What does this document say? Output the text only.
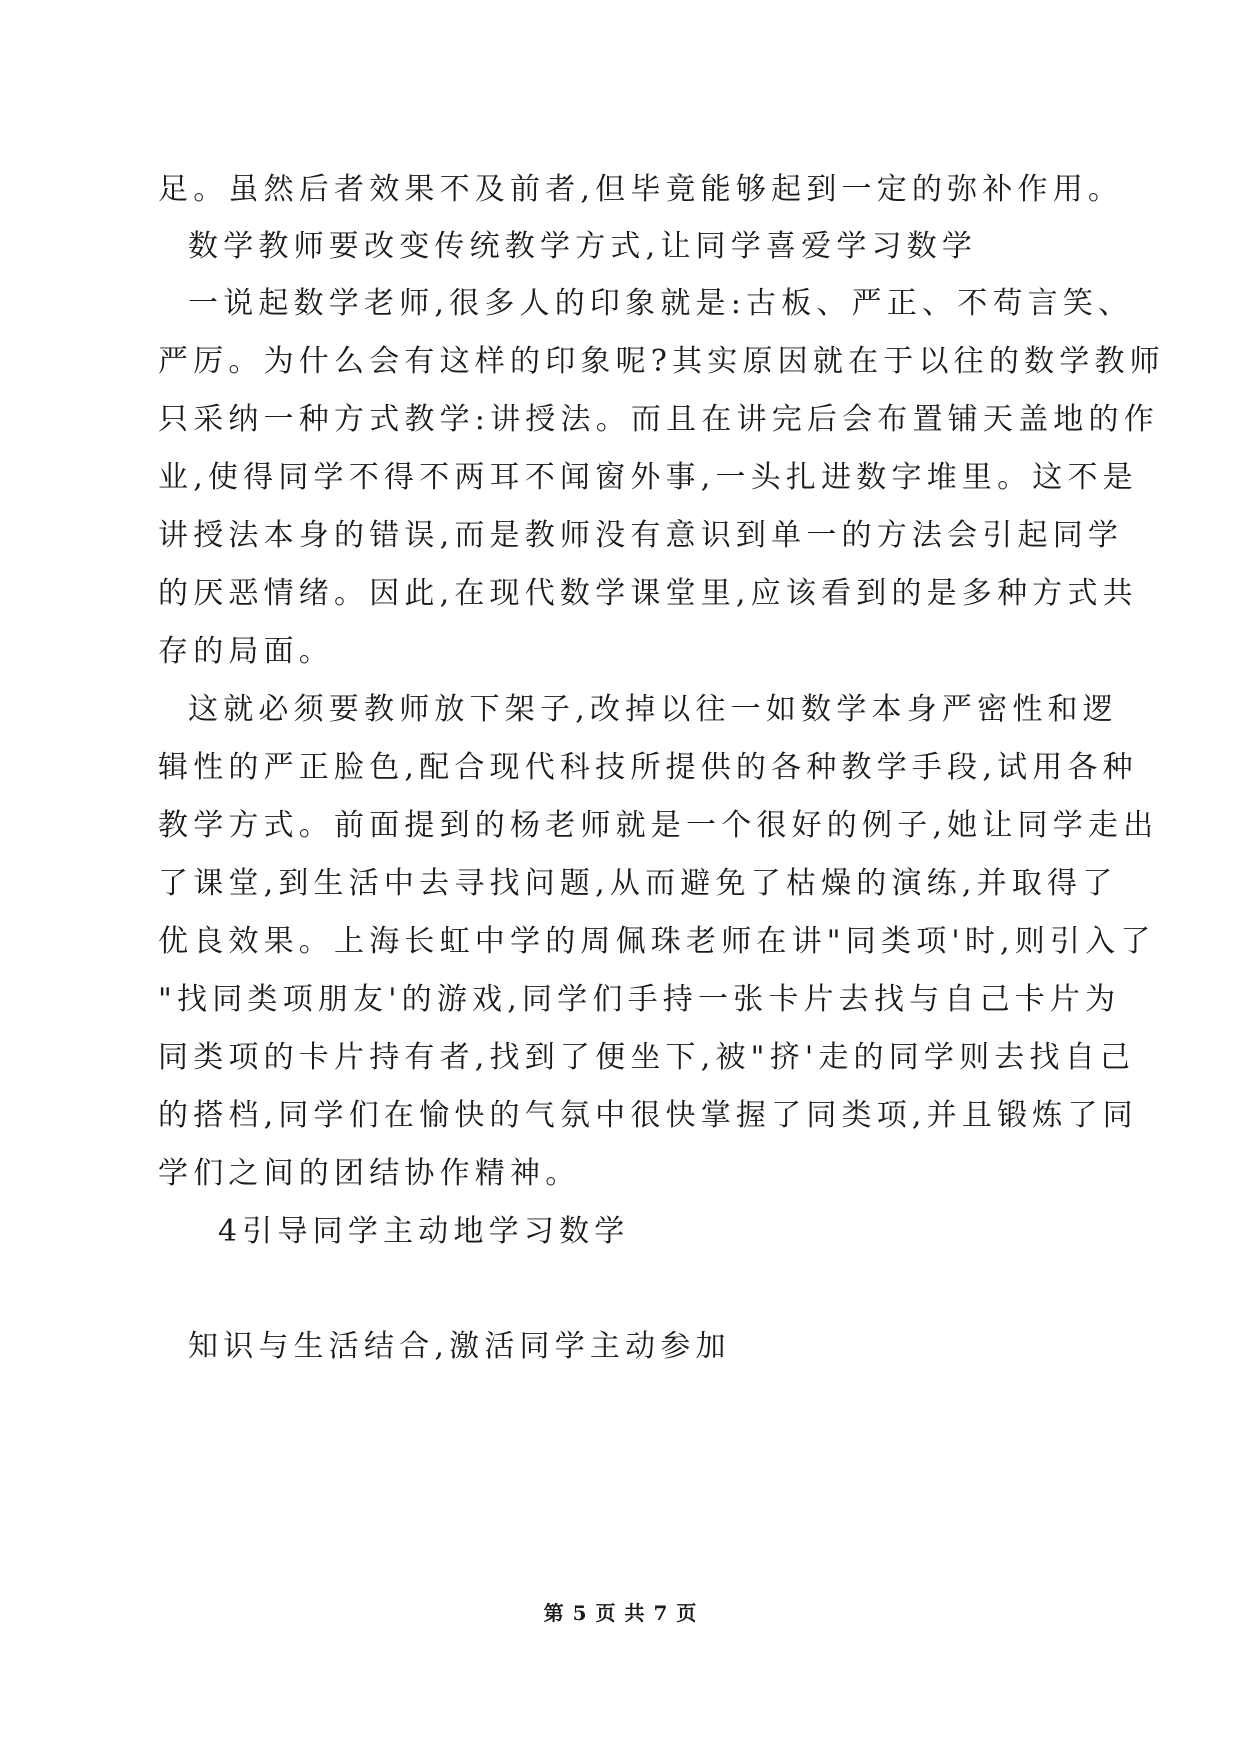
足。虽然后者效果不及前者,但毕竟能够起到一定的弥补作用。
数学教师要改变传统教学方式,让同学喜爱学习数学
一说起数学老师,很多人的印象就是:古板、严正、不苟言笑、
严厉。为什么会有这样的印象呢?其实原因就在于以往的数学教师
只采纳一种方式教学:讲授法。而且在讲完后会布置铺天盖地的作
业,使得同学不得不两耳不闻窗外事,一头扎进数字堆里。这不是
讲授法本身的错误,而是教师没有意识到单一的方法会引起同学
的厌恶情绪。因此,在现代数学课堂里,应该看到的是多种方式共
存的局面。
这就必须要教师放下架子,改掉以往一如数学本身严密性和逻
辑性的严正脸色,配合现代科技所提供的各种教学手段,试用各种
教学方式。前面提到的杨老师就是一个很好的例子,她让同学走出
了课堂,到生活中去寻找问题,从而避免了枯燥的演练,并取得了
优良效果。上海长虹中学的周佩珠老师在讲"同类项'时,则引入了
"找同类项朋友'的游戏,同学们手持一张卡片去找与自己卡片为
同类项的卡片持有者,找到了便坐下,被"挤'走的同学则去找自己
的搭档,同学们在愉快的气氛中很快掌握了同类项,并且锻炼了同
学们之间的团结协作精神。
4引导同学主动地学习数学
知识与生活结合,激活同学主动参加
第 5 页 共 7 页
